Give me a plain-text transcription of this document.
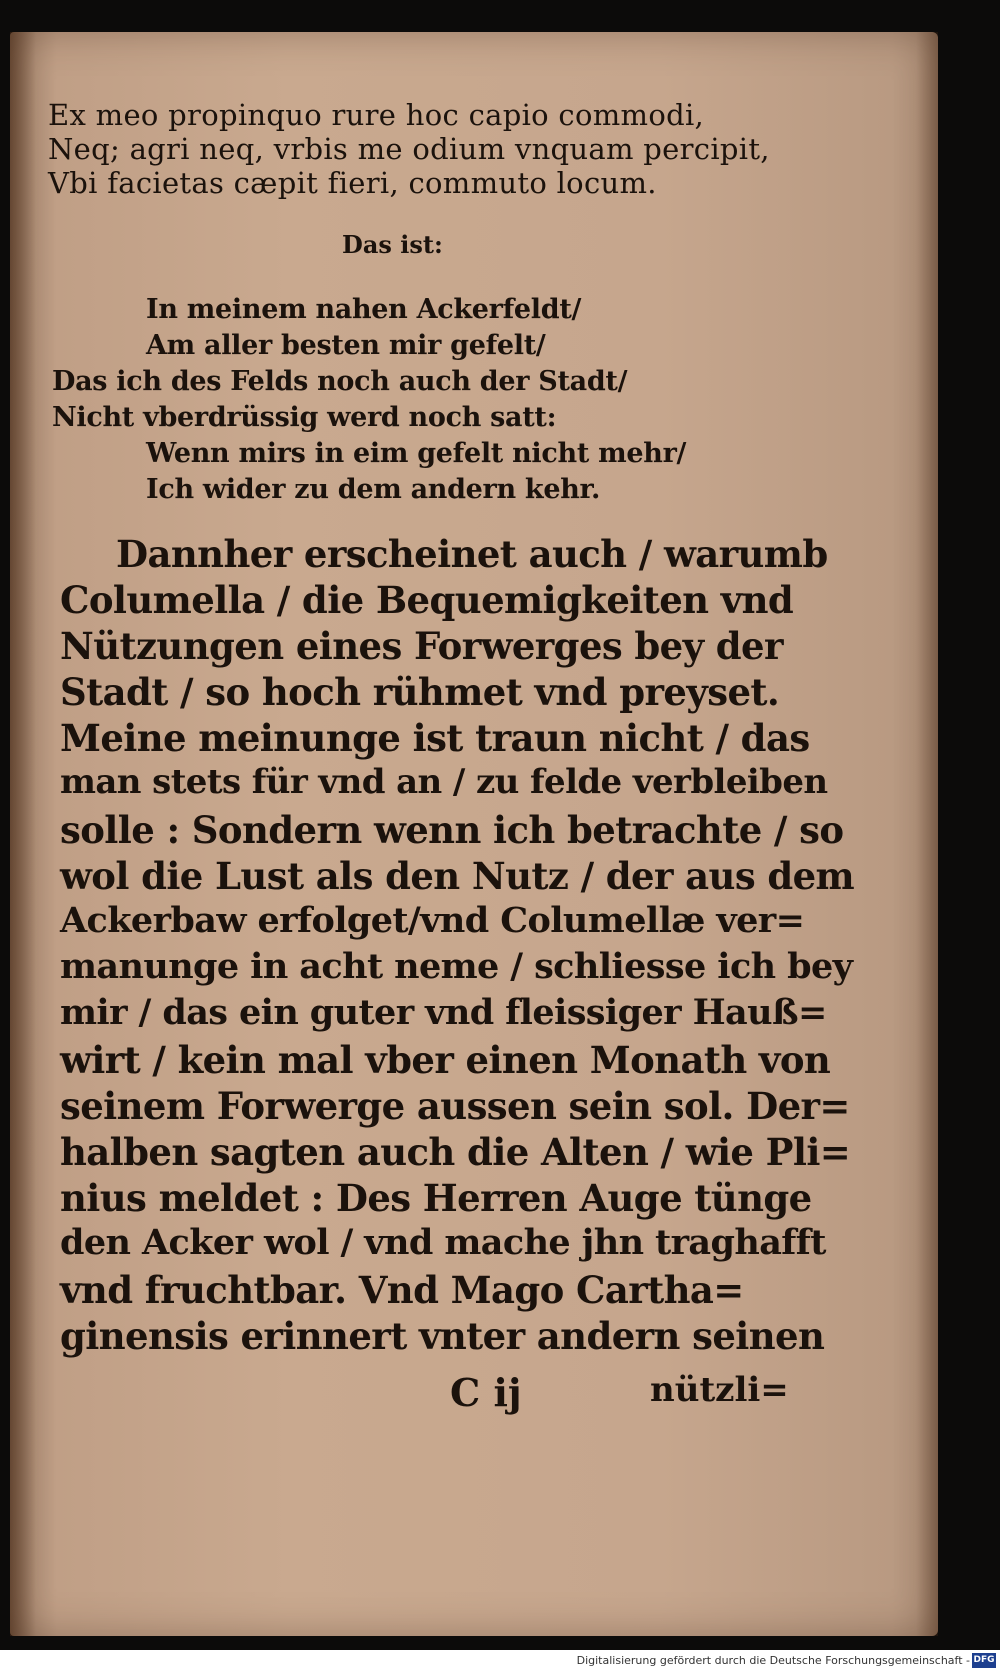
Ex meo propinquo rure hoc capio commodi,
Neq; agri neq, vrbis me odium vnquam percipit,
Vbi facietas cæpit fieri, commuto locum.
Das ist:
In meinem nahen Ackerfeldt/
Am aller besten mir gefelt/
Das ich des Felds noch auch der Stadt/
Nicht vberdrüssig werd noch satt:
Wenn mirs in eim gefelt nicht mehr/
Ich wider zu dem andern kehr.
Dannher erscheinet auch / warumb
Columella / die Bequemigkeiten vnd
Nützungen eines Forwerges bey der
Stadt / so hoch rühmet vnd preyset.
Meine meinunge ist traun nicht / das
man stets für vnd an / zu felde verbleiben
solle : Sondern wenn ich betrachte / so
wol die Lust als den Nutz / der aus dem
Ackerbaw erfolget/vnd Columellæ ver=
manunge in acht neme / schliesse ich bey
mir / das ein guter vnd fleissiger Hauß=
wirt / kein mal vber einen Monath von
seinem Forwerge aussen sein sol. Der=
halben sagten auch die Alten / wie Pli=
nius meldet : Des Herren Auge tünge
den Acker wol / vnd mache jhn traghafft
vnd fruchtbar. Vnd Mago Cartha=
ginensis erinnert vnter andern seinen
C ij	nützli=
Digitalisierung gefördert durch die Deutsche Forschungsgemeinschaft - DFG
